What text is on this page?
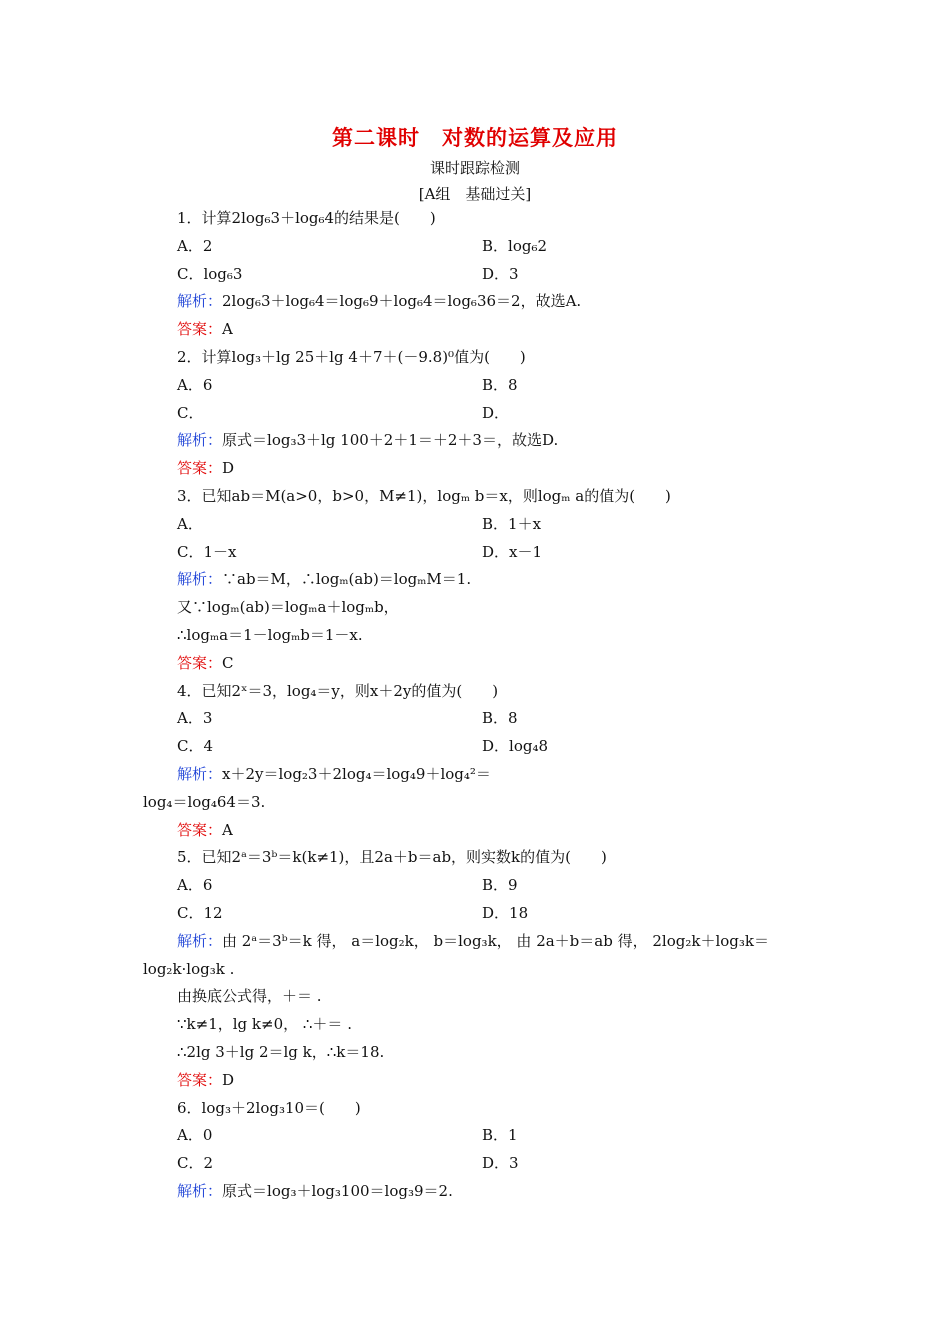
第二课时　对数的运算及应用
课时跟踪检测
[A组　基础过关]
1．计算2log₆3＋log₆4的结果是(　　)
A．2	B．log₆2
C．log₆3	D．3
解析：2log₆3＋log₆4＝log₆9＋log₆4＝log₆36＝2，故选A.
答案：A
2．计算log₃＋lg 25＋lg 4＋7＋(－9.8)⁰值为(　　)
A．6	B．8
C．	D．
解析：原式＝log₃3＋lg 100＋2＋1＝＋2＋3＝，故选D.
答案：D
3．已知ab＝M(a>0，b>0，M≠1)，logₘ b＝x，则logₘ a的值为(　　)
A．	B．1＋x
C．1－x	D．x－1
解析：∵ab＝M，∴logₘ(ab)＝logₘM＝1.
又∵logₘ(ab)＝logₘa＋logₘb，
∴logₘa＝1－logₘb＝1－x.
答案：C
4．已知2ˣ＝3，log₄＝y，则x＋2y的值为(　　)
A．3	B．8
C．4	D．log₄8
解析：x＋2y＝log₂3＋2log₄＝log₄9＋log₄²＝
log₄＝log₄64＝3.
答案：A
5．已知2ᵃ＝3ᵇ＝k(k≠1)，且2a＋b＝ab，则实数k的值为(　　)
A．6	B．9
C．12	D．18
解析：由 2ᵃ＝3ᵇ＝k 得， a＝log₂k， b＝log₃k， 由 2a＋b＝ab 得， 2log₂k＋log₃k＝
log₂k·log₃k .
由换底公式得，＋＝ .
∵k≠1，lg k≠0， ∴＋＝ .
∴2lg 3＋lg 2＝lg k，∴k＝18.
答案：D
6．log₃＋2log₃10＝(　　)
A．0	B．1
C．2	D．3
解析：原式＝log₃＋log₃100＝log₃9＝2.
